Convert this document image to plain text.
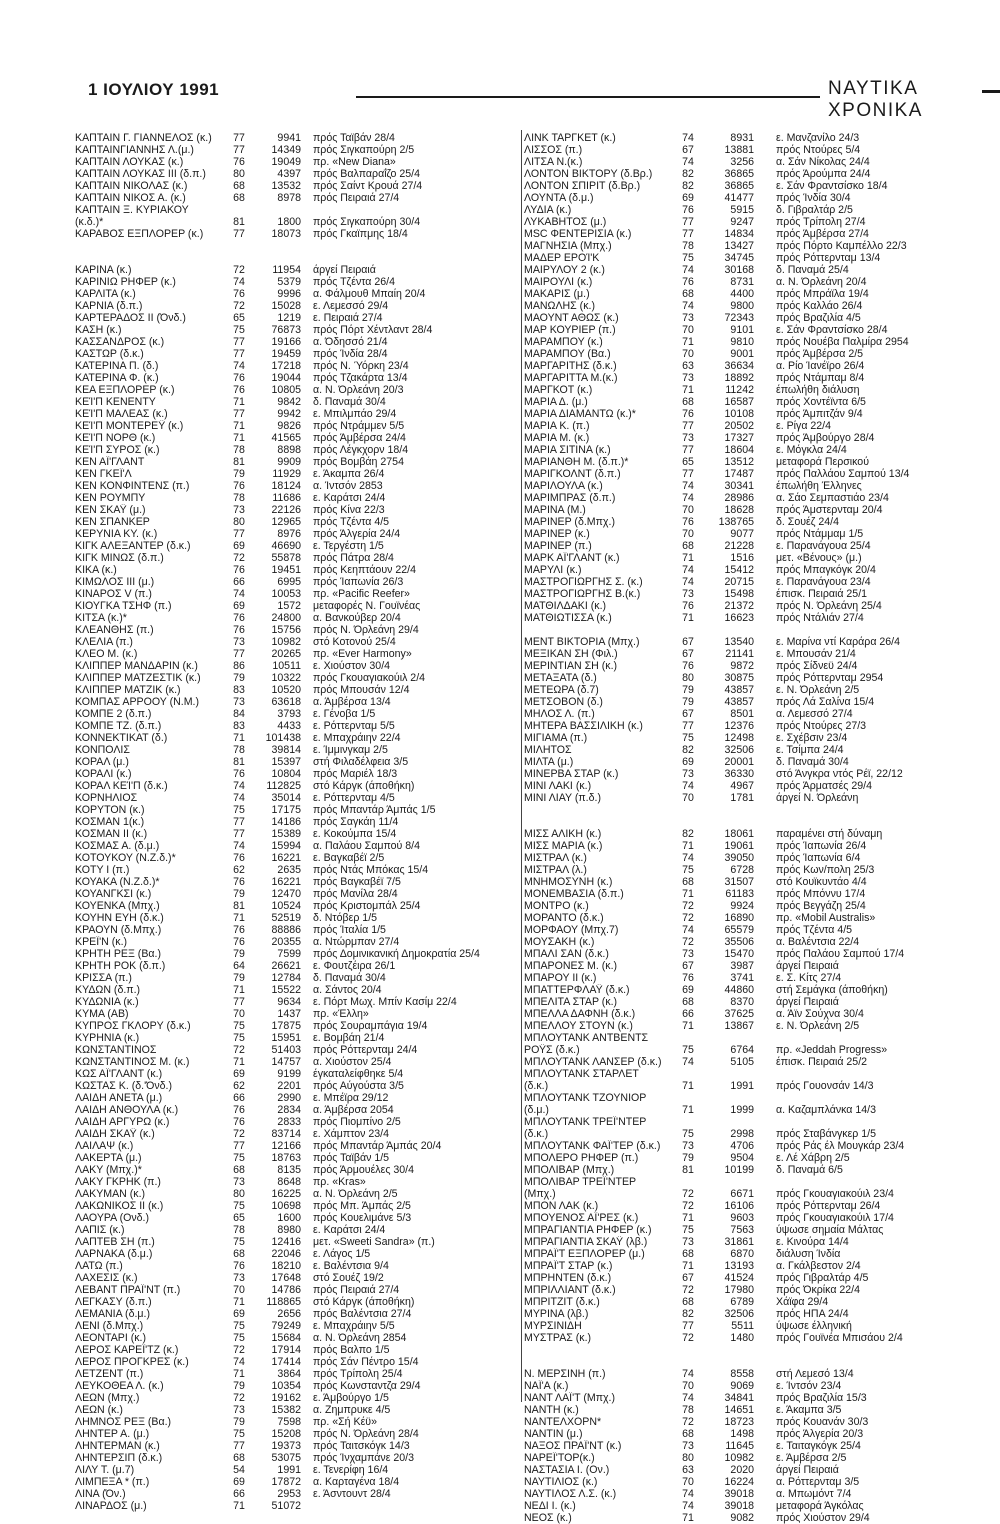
1 ΙΟΥΛΙΟΥ 1991	ΝΑΥΤΙΚΑ ΧΡΟΝΙΚΑ
ΚΑΠΤΑΙΝ Γ. ΓΙΑΝΝΕΛΟΣ (κ.)	77	9941	πρός Ταϊβάν 28/4
ΚΑΠΤΑΙΝΓΙΑΝΝΗΣ Λ.(μ.)	77	14349	πρός Σιγκαπούρη 2/5
ΚΑΠΤΑΙΝ ΛΟΥΚΑΣ (κ.)	76	19049	πρ. «New Diana»
ΚΑΠΤΑΙΝ ΛΟΥΚΑΣ ΙΙΙ (δ.π.)	80	4397	πρός Βαλπαραΐζο 25/4
ΚΑΠΤΑΙΝ ΝΙΚΟΛΑΣ (κ.)	68	13532	πρός Σαίντ Κρουά 27/4
ΚΑΠΤΑΙΝ ΝΙΚΟΣ Α. (κ.)	68	8978	πρός Πειραιά 27/4
ΚΑΠΤΑΙΝ Ξ. ΚΥΡΙΑΚΟΥ
(κ.δ.)*	81	1800	πρός Σιγκαπούρη 30/4
ΚΑΡΑΒΟΣ ΕΞΠΛΟΡΕΡ (κ.)	77	18073	πρός Γκαϊπμης 18/4
ΚΑΡΙΝΑ (κ.)	72	11954	άργεί Πειραιά
ΚΑΡΙΝΙΩ ΡΗΦΕΡ (κ.)	74	5379	πρός Τζέντα 26/4
ΚΑΡΛΙΤΑ (κ.)	76	9996	α. Φάλμουθ Μπαίη 20/4
ΚΑΡΝΙΑ (δ.π.)	72	15028	ε. Λεμεσσό 29/4
ΚΑΡΤΕΡΑΔΟΣ ΙΙ (Όνδ.)	65	1219	ε. Πειραιά 27/4
ΚΑΣΗ (κ.)	75	76873	πρός Πόρτ Χέντλαντ 28/4
ΚΑΣΣΑΝΔΡΟΣ (κ.)	77	19166	α. Όδησσό 21/4
ΚΑΣΤΩΡ (δ.κ.)	77	19459	πρός Ίνδία 28/4
ΚΑΤΕΡΙΝΑ Π. (δ.)	74	17218	πρός Ν. Ύόρκη 23/4
ΚΑΤΕΡΙΝΑ Φ. (κ.)	76	19044	πρός Τζακάρτα 13/4
ΚΕΑ ΕΞΠΛΟΡΕΡ (κ.)	76	10805	α. Ν. Όρλεάνη 20/3
ΚΕΊ'Π ΚΕΝΕΝΤΥ	71	9842	δ. Παναμά 30/4
ΚΕΊ'Π ΜΑΛΕΑΣ (κ.)	77	9942	ε. Μπιλμπάο 29/4
ΚΕΊ'Π ΜΟΝΤΕΡΕΫ (κ.)	71	9826	πρός Ντράμμεν 5/5
ΚΕΊ'Π ΝΟΡΘ (κ.)	71	41565	πρός Άμβέρσα 24/4
ΚΕΊ'Π ΣΥΡΟΣ (κ.)	78	8898	πρός Λέγκχορν 18/4
ΚΕΝ ΑΪ'ΓΛΑΝΤ	81	9909	πρός Βομβάη 2754
ΚΕΝ ΓΚΕΪ'Λ	79	11929	ε. Άκαμπα 26/4
ΚΕΝ ΚΟΝΦΙΝΤΕΝΣ (π.)	76	18124	α. Ίντσόν 2853
ΚΕΝ ΡΟΥΜΠΥ	78	11686	ε. Καράτσι 24/4
ΚΕΝ ΣΚΑΫ (μ.)	73	22126	πρός Κίνα 22/3
ΚΕΝ ΣΠΑΝΚΕΡ	80	12965	πρός Τζέντα 4/5
ΚΕΡΥΝΙΑ ΚΥ. (κ.)	77	8976	πρός Άλγερία 24/4
ΚΙΓΚ ΑΛΕΞΑΝΤΕΡ (δ.κ.)	69	46690	ε. Τεργέστη 1/5
ΚΙΓΚ ΜΙΝΩΣ (δ.π.)	72	55878	πρός Πάτρα 28/4
ΚΙΚΑ (κ.)	76	19451	πρός Κεηπτάουν 22/4
ΚΙΜΩΛΟΣ ΙΙΙ (μ.)	66	6995	πρός Ίαπωνία 26/3
ΚΙΝΑΡΟΣ V (π.)	74	10053	πρ. «Pacific Reefer»
ΚΙΟΥΓΚΑ ΤΣΗΦ (π.)	69	1572	μεταφορές Ν. Γουϊνέας
ΚΙΤΣΑ (κ.)*	76	24800	α. Βανκούβερ 20/4
ΚΛΕΑΝΘΗΣ (π.)	76	15756	πρός Ν. Όρλεάνη 29/4
ΚΛΕΛΙΑ (π.)	73	10982	στό Κοτονού 25/4
ΚΛΕΟ Μ. (κ.)	77	20265	πρ. «Ever Harmony»
ΚΛΙΠΠΕΡ ΜΑΝΔΑΡΙΝ (κ.)	86	10511	ε. Χιούστον 30/4
ΚΛΙΠΠΕΡ ΜΑΤΖΕΣΤΙΚ (κ.)	79	10322	πρός Γκουαγιακούιλ 2/4
ΚΛΙΠΠΕΡ ΜΑΤΖΙΚ (κ.)	83	10520	πρός Μπουσάν 12/4
ΚΟΜΠΑΣ ΑΡΡΟΟΥ (Ν.Μ.)	73	63618	α. Άμβέρσα 13/4
ΚΟΜΠΕ 2 (δ.π.)	84	3793	ε. Γένοβα 1/5
ΚΟΜΠΕ ΤΖ. (δ.π.)	83	4433	ε. Ρόττερνταμ 5/5
ΚΟΝΝΕΚΤΙΚΑΤ (δ.)	71	101438	ε. Μπαχράιην 22/4
ΚΟΝΠΟΛΙΣ	78	39814	ε. Ίμμινγκαμ 2/5
ΚΟΡΑΛ (μ.)	81	15397	στή Φιλαδέλφεια 3/5
ΚΟΡΑΛΙ (κ.)	76	10804	πρός Μαριέλ 18/3
ΚΟΡΑΛ ΚΕΊ'Π (δ.κ.)	74	112825	στό Κάργκ (άποθήκη)
ΚΟΡΝΗΛΙΟΣ	74	35014	ε. Ρόττερνταμ 4/5
ΚΟΡΥΤΟΝ (κ.)	75	17175	πρός Μπαντάρ Άμπάς 1/5
ΚΟΣΜΑΝ 1(κ.)	77	14186	πρός Σαγκάη 11/4
ΚΟΣΜΑΝ ΙΙ (κ.)	77	15389	ε. Κοκούμπα 15/4
ΚΟΣΜΑΣ Α. (δ.μ.)	74	15994	α. Παλάου Σαμπού 8/4
ΚΟΤΟΥΚΟΥ (Ν.Ζ.δ.)*	76	16221	ε. Βαγκαβέϊ 2/5
ΚΟΤΥ Ι (π.)	62	2635	πρός Ντάς Μπόκας 15/4
ΚΟΥΑΚΑ (Ν.Ζ.δ.)*	76	16221	πρός Βαγκαβέϊ 7/5
ΚΟΥΑΝΓΚΣΙ (κ.)	79	12470	πρός Μανίλα 28/4
ΚΟΥΕΝΚΑ (Μπχ.)	81	10524	πρός Κριστομπάλ 25/4
ΚΟΥΗΝ ΕΥΗ (δ.κ.)	71	52519	δ. Ντόβερ 1/5
ΚΡΑΟΥΝ (δ.Μπχ.)	76	88886	πρός Ίταλία 1/5
ΚΡΕΪ'Ν (κ.)	76	20355	α. Ντώρμπαν 27/4
ΚΡΗΤΗ ΡΕΞ (Βα.)	79	7599	πρός Δομινικανική Δημοκρατία 25/4
ΚΡΗΤΗ ΡΟΚ (δ.π.)	64	26621	ε. Φουτζέιρα 26/1
ΚΡΙΣΣΑ (π.)	79	12784	δ. Παναμά 30/4
ΚΥΔΩΝ (δ.π.)	71	15522	α. Σάντος 20/4
ΚΥΔΩΝΙΑ (κ.)	77	9634	ε. Πόρτ Μωχ. Μπίν Κασίμ 22/4
ΚΥΜΑ (ΑΒ)	70	1437	πρ. «Έλλη»
ΚΥΠΡΟΣ ΓΚΛΟΡΥ (δ.κ.)	75	17875	πρός Σουραμπάγια 19/4
ΚΥΡΗΝΙΑ (κ.)	75	15951	ε. Βομβάη 21/4
ΚΩΝΣΤΑΝΤΙΝΟΣ	72	51403	πρός Ρόττερνταμ 24/4
ΚΩΝΣΤΑΝΤΙΝΟΣ Μ. (κ.)	71	14757	α. Χιούστον 25/4
ΚΩΣ ΑΪ'ΓΛΑΝΤ (κ.)	69	9199	έγκαταλείφθηκε 5/4
ΚΩΣΤΑΣ Κ. (δ.'Όνδ.)	62	2201	πρός Αύγούστα 3/5
ΛΑΙΔΗ ΑΝΕΤΑ (μ.)	66	2990	ε. Μπέϊρα 29/12
ΛΑΙΔΗ ΑΝΘΟΥΛΑ (κ.)	76	2834	α. Άμβέρσα 2054
ΛΑΙΔΗ ΑΡΓΥΡΩ (κ.)	76	2833	πρός Πιομπίνο 2/5
ΛΑΙΔΗ ΣΚΑΫ (κ.)	72	83714	ε. Χάμπτον 23/4
ΛΑΙΛΑΨ (κ.)	77	12166	πρός Μπαντάρ Άμπάς 20/4
ΛΑΚΕΡΤΑ (μ.)	75	18763	πρός Ταϊβάν 1/5
ΛΑΚΥ (Μπχ.)*	68	8135	πρός Άρμουέλες 30/4
ΛΑΚΥ ΓΚΡΗΚ (π.)	73	8648	πρ. «Kras»
ΛΑΚΥΜΑΝ (κ.)	80	16225	α. Ν. Όρλεάνη 2/5
ΛΑΚΩΝΙΚΟΣ ΙΙ (κ.)	75	10698	πρός Μπ. Άμπάς 2/5
ΛΑΟΥΡΑ (Ονδ.)	65	1600	πρός Κουελιμάνε 5/3
ΛΑΠΙΣ (κ.)	78	8980	ε. Καράτσι 24/4
ΛΑΠΤΕΒ ΣΗ (π.)	75	12416	μετ. «Sweeti Sandra» (π.)
ΛΑΡΝΑΚΑ (δ.μ.)	68	22046	ε. Λάγος 1/5
ΛΑΤΩ (π.)	76	18210	ε. Βαλέντσια 9/4
ΛΑΧΕΣΙΣ (κ.)	73	17648	στό Σουέζ 19/2
ΛΕΒΑΝΤ ΠΡΑΪ'ΝΤ (π.)	70	14786	πρός Πειραιά 27/4
ΛΕΓΚΑΣΥ (δ.π.)	71	118865	στό Κάργκ (άποθήκη)
ΛΕΜΑΝΙΑ (δ.μ.)	69	2656	πρός Βαλέντσια 27/4
ΛΕΝΙ (δ.Μπχ.)	75	79249	ε. Μπαχράιην 5/5
ΛΕΟΝΤΑΡΙ (κ.)	75	15684	α. Ν. Όρλεάνη 2854
ΛΕΡΟΣ ΚΑΡΕΪ'ΤΖ (κ.)	72	17914	πρός Βαλπο 1/5
ΛΕΡΟΣ ΠΡΟΓΚΡΕΣ (κ.)	74	17414	πρός Σάν Πέντρο 15/4
ΛΕΤΖΕΝΤ (π.)	71	3864	πρός Τρίπολη 25/4
ΛΕΥΚΟΘΕΑ Λ. (κ.)	79	10354	πρός Κωνσταντζα 29/4
ΛΕΩΝ (Μπχ.)	72	19162	ε. Άμβούργο 1/5
ΛΕΩΝ (κ.)	73	15382	α. Ζημπρυκε 4/5
ΛΗΜΝΟΣ ΡΕΞ (Βα.)	79	7598	πρ. «Σή Κέϋ»
ΛΗΝΤΕΡ Α. (μ.)	75	15208	πρός Ν. Όρλεάνη 28/4
ΛΗΝΤΕΡΜΑΝ (κ.)	77	19373	πρός Ταιτσκόγκ 14/3
ΛΗΝΤΕΡΣΙΠ (δ.κ.)	68	53075	πρός Ίνχαμπάνε 20/3
ΛΙΛΥ Τ. (μ.7)	54	1991	ε. Τενερίφη 16/4
ΛΙΜΠΕΞΑ * (π.)	69	17872	α. Καρταγένα 18/4
ΛΙΝΑ (Όν.)	66	2953	ε. Άσντουντ 28/4
ΛΙΝΑΡΔΟΣ (μ.)	71	51072
ΛΙΝΚ ΤΑΡΓΚΕΤ (κ.)	74	8931	ε. Μανζανίλο 24/3
ΛΙΣΣΟΣ (π.)	67	13881	πρός Ντούρες 5/4
ΛΙΤΣΑ Ν.(κ.)	74	3256	α. Σάν Νίκολας 24/4
ΛΟΝΤΟΝ ΒΙΚΤΟΡΥ (δ.Βρ.)	82	36865	πρός Άρούμπα 24/4
ΛΟΝΤΟΝ ΣΠΙΡΙΤ (δ.Βρ.)	82	36865	ε. Σάν Φραντσίσκο 18/4
ΛΟΥΝΤΑ (δ.μ.)	69	41477	πρός Ίνδία 30/4
ΛΥΔΙΑ (κ.)	76	5915	δ. Γιβραλτάρ 2/5
ΛΥΚΑΒΗΤΟΣ (μ.)	77	9247	πρός Τρίπολη 27/4
MSC ΦΕΝΤΕΡΙΣΙΑ (κ.)	77	14834	πρός Άμβέρσα 27/4
ΜΑΓΝΗΣΙΑ (Μπχ.)	78	13427	πρός Πόρτο Καμπέλλο 22/3
ΜΑΔΕΡ ΕΡΟΊ'Κ	75	34745	πρός Ρόττερνταμ 13/4
ΜΑΙΡΥΛΟΥ 2 (κ.)	74	30168	δ. Παναμά 25/4
ΜΑΙΡΟΥΛΙ (κ.)	76	8731	α. Ν. Όρλεάνη 20/4
ΜΑΚΑΡΙΣ (μ.)	68	4400	πρός Μπράϊλα 19/4
ΜΑΝΩΛΗΣ (κ.)	74	9800	πρός Καλλάο 26/4
ΜΑΟΥΝΤ ΑΘΩΣ (κ.)	73	72343	πρός Βραζιλία 4/5
ΜΑΡ ΚΟΥΡΙΕΡ (π.)	70	9101	ε. Σάν Φραντσίσκο 28/4
ΜΑΡΑΜΠΟΥ (κ.)	71	9810	πρός Νουέβα Παλμίρα 2954
ΜΑΡΑΜΠΟΥ (Βα.)	70	9001	πρός Άμβέρσα 2/5
ΜΑΡΓΑΡΙΤΗΣ (δ.κ.)	63	36634	α. Ρίο Ίανέϊρο 26/4
ΜΑΡΓΑΡΙΤΤΑ Μ.(κ.)	73	18892	πρός Ντάμπαμ 8/4
ΜΑΡΓΚΟΤ (κ.)	71	11242	έπωλήθη διάλυση
ΜΑΡΙΑ Δ. (μ.)	68	16587	πρός Χοντέϊντα 6/5
ΜΑΡΙΑ ΔΙΑΜΑΝΤΩ (κ.)*	76	10108	πρός Άμπιτζάν 9/4
ΜΑΡΙΑ Κ. (π.)	77	20502	ε. Ρίγα 22/4
ΜΑΡΙΑ Μ. (κ.)	73	17327	πρός Άμβούργο 28/4
ΜΑΡΙΑ ΣΙΤΙΝΑ (κ.)	77	18604	ε. Μόγκλα 24/4
ΜΑΡΙΑΝΘΗ Μ. (δ.π.)*	65	13512	μεταφορά Περσικού
ΜΑΡΙΓΚΟΛΝΤ (δ.π.)	77	17487	πρός Παλλάου Σαμπού 13/4
ΜΑΡΙΛΟΥΛΑ (κ.)	74	30341	έπωλήθη Έλληνες
ΜΑΡΙΜΠΡΑΣ (δ.π.)	74	28986	α. Σάο Σεμπαστιάο 23/4
ΜΑΡΙΝΑ (Μ.)	70	18628	πρός Άμστερνταμ 20/4
ΜΑΡΙΝΕΡ (δ.Μπχ.)	76	138765	δ. Σουέζ 24/4
ΜΑΡΙΝΕΡ (κ.)	70	9077	πρός Ντάμμαμ 1/5
ΜΑΡΙΝΕΡ (π.)	68	21228	ε. Παρανάγουα 25/4
ΜΑΡΚ ΑΪ'ΓΛΑΝΤ (κ.)	71	1516	μετ. «Βένους» (μ.)
ΜΑΡΥΛΙ (κ.)	74	15412	πρός Μπαγκόγκ 20/4
ΜΑΣΤΡΟΓΙΩΡΓΗΣ Σ. (κ.)	74	20715	ε. Παρανάγουα 23/4
ΜΑΣΤΡΟΓΙΩΡΓΗΣ Β.(κ.)	73	15498	έπισκ. Πειραιά 25/1
ΜΑΤΘΙΛΔΑΚΙ (κ.)	76	21372	πρός Ν. Όρλεάνη 25/4
ΜΑΤΘΙΩΤΙΣΣΑ (κ.)	71	16623	πρός Ντάλιάν 27/4
ΜΕΝΤ ΒΙΚΤΟΡΙΑ (Μπχ.)	67	13540	ε. Μαρίνα ντί Καράρα 26/4
ΜΕΞΙΚΑΝ ΣΗ (Φιλ.)	67	21141	ε. Μπουσάν 21/4
ΜΕΡΙΝΤΙΑΝ ΣΗ (κ.)	76	9872	πρός Σίδνεϋ 24/4
ΜΕΤΑΞΑΤΑ (δ.)	80	30875	πρός Ρόττερνταμ 2954
ΜΕΤΕΩΡΑ (δ.7)	79	43857	ε. Ν. Όρλεάνη 2/5
ΜΕΤΣΟΒΟΝ (δ.)	79	43857	πρός Λά Σαλίνα 15/4
ΜΗΛΟΣ Λ. (π.)	67	8501	α. Λεμεσσό 27/4
ΜΗΤΕΡΑ ΒΑΣΣΙΛΙΚΗ (κ.)	77	12376	πρός Ντούρες 27/3
ΜΙΓΙΑΜΑ (π.)	75	12498	ε. Σχέβσιν 23/4
ΜΙΛΗΤΟΣ	82	32506	ε. Τσίμπα 24/4
ΜΙΛΤΑ (μ.)	69	20001	δ. Παναμά 30/4
ΜΙΝΕΡΒΑ ΣΤΑΡ (κ.)	73	36330	στό Άνγκρα ντός Ρέϊ, 22/12
ΜΙΝΙ ΛΑΚΙ (κ.)	74	4967	πρός Άρματσές 29/4
ΜΙΝΙ ΛΙΑΥ (π.δ.)	70	1781	άργεί Ν. Όρλεάνη
ΜΙΣΣ ΑΛΙΚΗ (κ.)	82	18061	παραμένει στή δύναμη
ΜΙΣΣ ΜΑΡΙΑ (κ.)	71	19061	πρός Ίαπωνία 26/4
ΜΙΣΤΡΑΛ (κ.)	74	39050	πρός Ίαπωνία 6/4
ΜΙΣΤΡΑΛ (λ.)	75	6728	πρός Κων/πολη 25/3
ΜΝΗΜΟΣΥΝΗ (κ.)	68	31507	στό Κουϊκυντάο 4/4
ΜΟΝΕΜΒΑΣΙΑ (δ.π.)	71	61183	πρός Μπόννυ 17/4
ΜΟΝΤΡΟ (κ.)	72	9924	πρός Βεγγάζη 25/4
ΜΟΡΑΝΤΟ (δ.κ.)	72	16890	πρ. «Mobil Australis»
ΜΟΡΦΑΟΥ (Μπχ.7)	74	65579	πρός Τζέντα 4/5
ΜΟΥΣΑΚΗ (κ.)	72	35506	α. Βαλέντσια 22/4
ΜΠΑΛΙ ΣΑΝ (δ.κ.)	73	15470	πρός Παλάου Σαμπού 17/4
ΜΠΑΡΟΝΕΣ Μ. (κ.)	67	3987	άργεί Πειραιά
ΜΠΑΡΟΥ ΙΙ (κ.)	76	3741	ε. Σ. Κίτς 27/4
ΜΠΑΤΤΕΡΦΛΑΫ (δ.κ.)	69	44860	στή Σεμάγκα (άποθήκη)
ΜΠΕΛΙΤΑ ΣΤΑΡ (κ.)	68	8370	άργεί Πειραιά
ΜΠΕΛΛΑ ΔΑΦΝΗ (δ.κ.)	66	37625	α. Άϊν Σούχνα 30/4
ΜΠΕΛΛΟΥ ΣΤΟΥΝ (κ.)	71	13867	ε. Ν. Όρλεάνη 2/5
ΜΠΛΟΥΤΑΝΚ ΑΝΤΒΕΝΤΣ
ΡΟΫΣ (δ.κ.)	75	6764	πρ. «Jeddah Progress»
ΜΠΛΟΥΤΑΝΚ ΛΑΝΣΕΡ (δ.κ.)	74	5105	έπισκ. Πειραιά 25/2
ΜΠΛΟΥΤΑΝΚ ΣΤΑΡΛΕΤ
(δ.κ.)	71	1991	πρός Γουονσάν 14/3
ΜΠΛΟΥΤΑΝΚ ΤΖΟΥΝΙΟΡ
(δ.μ.)	71	1999	α. Καζαμπλάνκα 14/3
ΜΠΛΟΥΤΑΝΚ ΤΡΕΪ'ΝΤΕΡ
(δ.κ.)	75	2998	πρός Σταβάνγκερ 1/5
ΜΠΛΟΥΤΑΝΚ ΦΑΪ'ΤΕΡ (δ.κ.)	73	4706	πρός Ράς έλ Μουγκάρ 23/4
ΜΠΟΛΕΡΟ ΡΗΦΕΡ (π.)	79	9504	ε. Λέ Χάβρη 2/5
ΜΠΟΛΙΒΑΡ (Μπχ.)	81	10199	δ. Παναμά 6/5
ΜΠΟΛΙΒΑΡ ΤΡΕΪ'ΝΤΕΡ
(Μπχ.)	72	6671	πρός Γκουαγιακούιλ 23/4
ΜΠΟΝ ΛΑΚ (κ.)	72	16106	πρός Ρόττερνταμ 26/4
ΜΠΟΥΕΝΟΣ ΑΪ'ΡΕΣ (κ.)	71	9603	πρός Γκουαγιακούιλ 17/4
ΜΠΡΑΓΙΑΝΤΙΑ ΡΗΦΕΡ (κ.)	75	7563	ύψωσε σημαία Μάλτας
ΜΠΡΑΓΙΑΝΤΙΑ ΣΚΑΫ (λβ.)	73	31861	ε. Κινούρα 14/4
ΜΠΡΑΪ'Τ ΕΞΠΛΟΡΕΡ (μ.)	68	6870	διάλυση Ίνδία
ΜΠΡΑΪ'Τ ΣΤΑΡ (κ.)	71	13193	α. Γκάλβεστον 2/4
ΜΠΡΗΝΤΕΝ (δ.κ.)	67	41524	πρός Γιβραλτάρ 4/5
ΜΠΡΙΛΛΙΑΝΤ (δ.κ.)	72	17980	πρός Όκρίκα 22/4
ΜΠΡΙΤΖΙΤ (δ.κ.)	68	6789	Χάϊφα 29/4
ΜΥΡΙΝΑ (λβ.)	82	32506	πρός ΗΠΑ 24/4
ΜΥΡΣΙΝΙΔΗ	77	5511	ύψωσε έλληνική
ΜΥΣΤΡΑΣ (κ.)	72	1480	πρός Γουϊνέα Μπισάου 2/4
Ν. ΜΕΡΣΙΝΗ (π.)	74	8558	στή Λεμεσό 13/4
ΝΑΪ'Α (κ.)	70	9069	ε. Ίντσόν 23/4
ΝΑΝΤ ΛΑΪ'Τ (Μπχ.)	74	34841	πρός Βραζιλία 15/3
ΝΑΝΤΗ (κ.)	78	14651	ε. Άκαμπα 3/5
ΝΑΝΤΕΛΧΟΡΝ*	72	18723	πρός Κουανάν 30/3
ΝΑΝΤΙΝ (μ.)	68	1498	πρός Άλγερία 20/3
ΝΑΞΟΣ ΠΡΑΪ'ΝΤ (κ.)	73	11645	ε. Ταιταγκόγκ 25/4
ΝΑΡΕΪ'ΤΟΡ(κ.)	80	10982	ε. Άμβέρσα 2/5
ΝΑΣΤΑΣΙΑ Ι. (Ον.)	63	2020	άργεί Πειραιά
ΝΑΥΤΙΛΙΟΣ (κ.)	70	16224	α. Ρόττερνταμ 3/5
ΝΑΥΤΙΛΟΣ Λ.Σ. (κ.)	74	39018	α. Μπωμόντ 7/4
ΝΕΔΙ Ι. (κ.)	74	39018	μεταφορά Άγκόλας
ΝΕΟΣ (κ.)	71	9082	πρός Χιούστον 29/4
